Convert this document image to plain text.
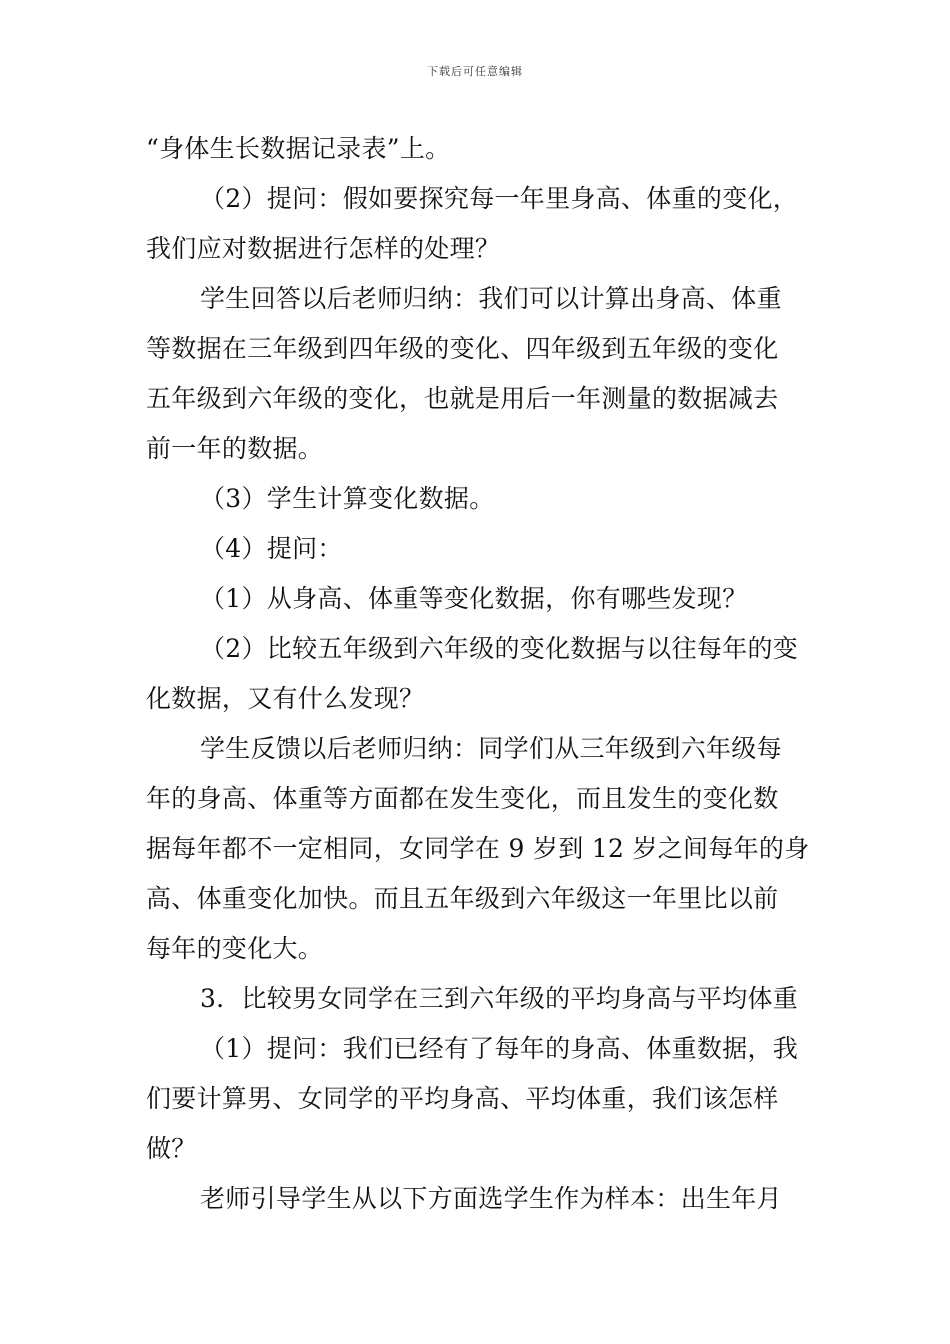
下载后可任意编辑
“身体生长数据记录表”上。
（2）提问：假如要探究每一年里身高、体重的变化，
我们应对数据进行怎样的处理？
学生回答以后老师归纳：我们可以计算出身高、体重
等数据在三年级到四年级的变化、四年级到五年级的变化
五年级到六年级的变化，也就是用后一年测量的数据减去
前一年的数据。
（3）学生计算变化数据。
（4）提问：
（1）从身高、体重等变化数据，你有哪些发现？
（2）比较五年级到六年级的变化数据与以往每年的变
化数据，又有什么发现？
学生反馈以后老师归纳：同学们从三年级到六年级每
年的身高、体重等方面都在发生变化，而且发生的变化数
据每年都不一定相同，女同学在 9 岁到 12 岁之间每年的身
高、体重变化加快。而且五年级到六年级这一年里比以前
每年的变化大。
3．比较男女同学在三到六年级的平均身高与平均体重
（1）提问：我们已经有了每年的身高、体重数据，我
们要计算男、女同学的平均身高、平均体重，我们该怎样
做？
老师引导学生从以下方面选学生作为样本：出生年月
